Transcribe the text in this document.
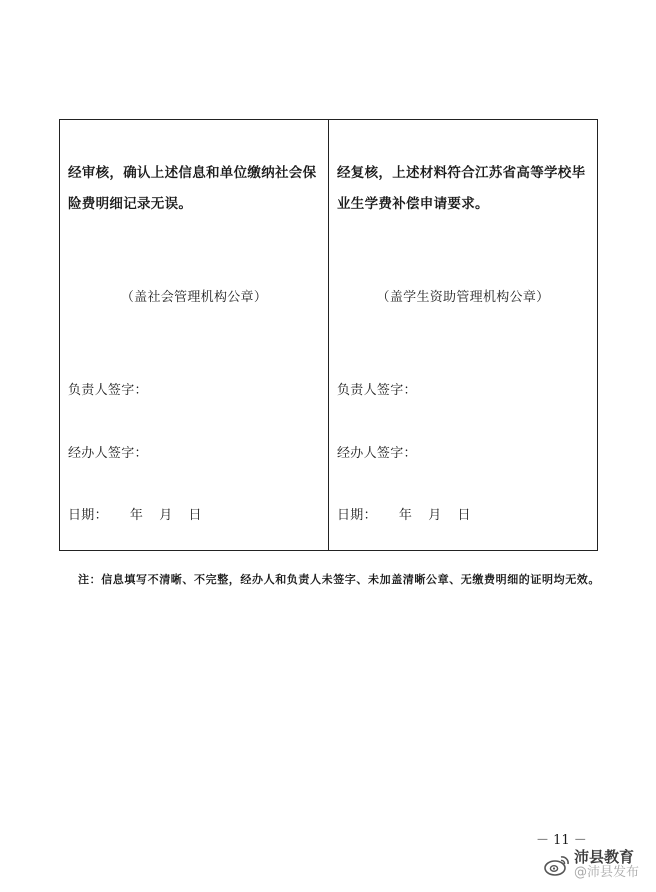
经审核，确认上述信息和单位缴纳社会保险费明细记录无误。
（盖社会管理机构公章）
负责人签字：
经办人签字：
日期： 年 月 日
经复核，上述材料符合江苏省高等学校毕业生学费补偿申请要求。
（盖学生资助管理机构公章）
负责人签字：
经办人签字：
日期： 年 月 日
注：信息填写不清晰、不完整，经办人和负责人未签字、未加盖清晰公章、无缴费明细的证明均无效。
－ 11 －
沛县教育
@沛县发布
